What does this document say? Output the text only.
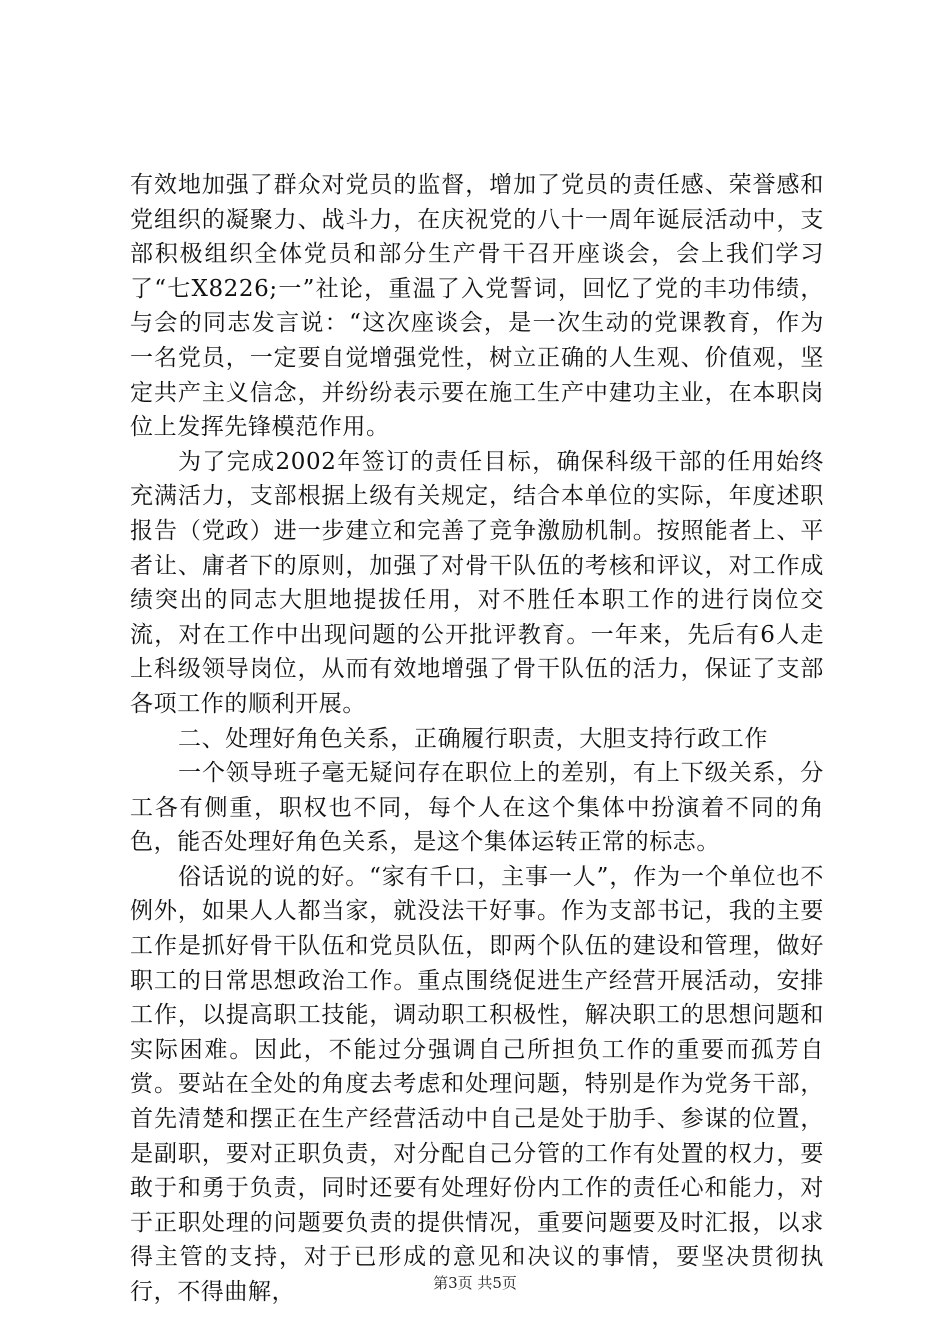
有效地加强了群众对党员的监督，增加了党员的责任感、荣誉感和党组织的凝聚力、战斗力，在庆祝党的八十一周年诞辰活动中，支部积极组织全体党员和部分生产骨干召开座谈会，会上我们学习了“七X8226;一”社论，重温了入党誓词，回忆了党的丰功伟绩，与会的同志发言说：“这次座谈会，是一次生动的党课教育，作为一名党员，一定要自觉增强党性，树立正确的人生观、价值观，坚定共产主义信念，并纷纷表示要在施工生产中建功主业，在本职岗位上发挥先锋模范作用。

为了完成2002年签订的责任目标，确保科级干部的任用始终充满活力，支部根据上级有关规定，结合本单位的实际，年度述职报告（党政）进一步建立和完善了竞争激励机制。按照能者上、平者让、庸者下的原则，加强了对骨干队伍的考核和评议，对工作成绩突出的同志大胆地提拔任用，对不胜任本职工作的进行岗位交流，对在工作中出现问题的公开批评教育。一年来，先后有6人走上科级领导岗位，从而有效地增强了骨干队伍的活力，保证了支部各项工作的顺利开展。

二、处理好角色关系，正确履行职责，大胆支持行政工作

一个领导班子毫无疑问存在职位上的差别，有上下级关系，分工各有侧重，职权也不同，每个人在这个集体中扮演着不同的角色，能否处理好角色关系，是这个集体运转正常的标志。

俗话说的说的好。“家有千口，主事一人”，作为一个单位也不例外，如果人人都当家，就没法干好事。作为支部书记，我的主要工作是抓好骨干队伍和党员队伍，即两个队伍的建设和管理，做好职工的日常思想政治工作。重点围绕促进生产经营开展活动，安排工作，以提高职工技能，调动职工积极性，解决职工的思想问题和实际困难。因此，不能过分强调自己所担负工作的重要而孤芳自赏。要站在全处的角度去考虑和处理问题，特别是作为党务干部，首先清楚和摆正在生产经营活动中自己是处于肋手、参谋的位置，是副职，要对正职负责，对分配自己分管的工作有处置的权力，要敢于和勇于负责，同时还要有处理好份内工作的责任心和能力，对于正职处理的问题要负责的提供情况，重要问题要及时汇报，以求得主管的支持，对于已形成的意见和决议的事情，要坚决贯彻执行，不得曲解，	第3页 共5页
